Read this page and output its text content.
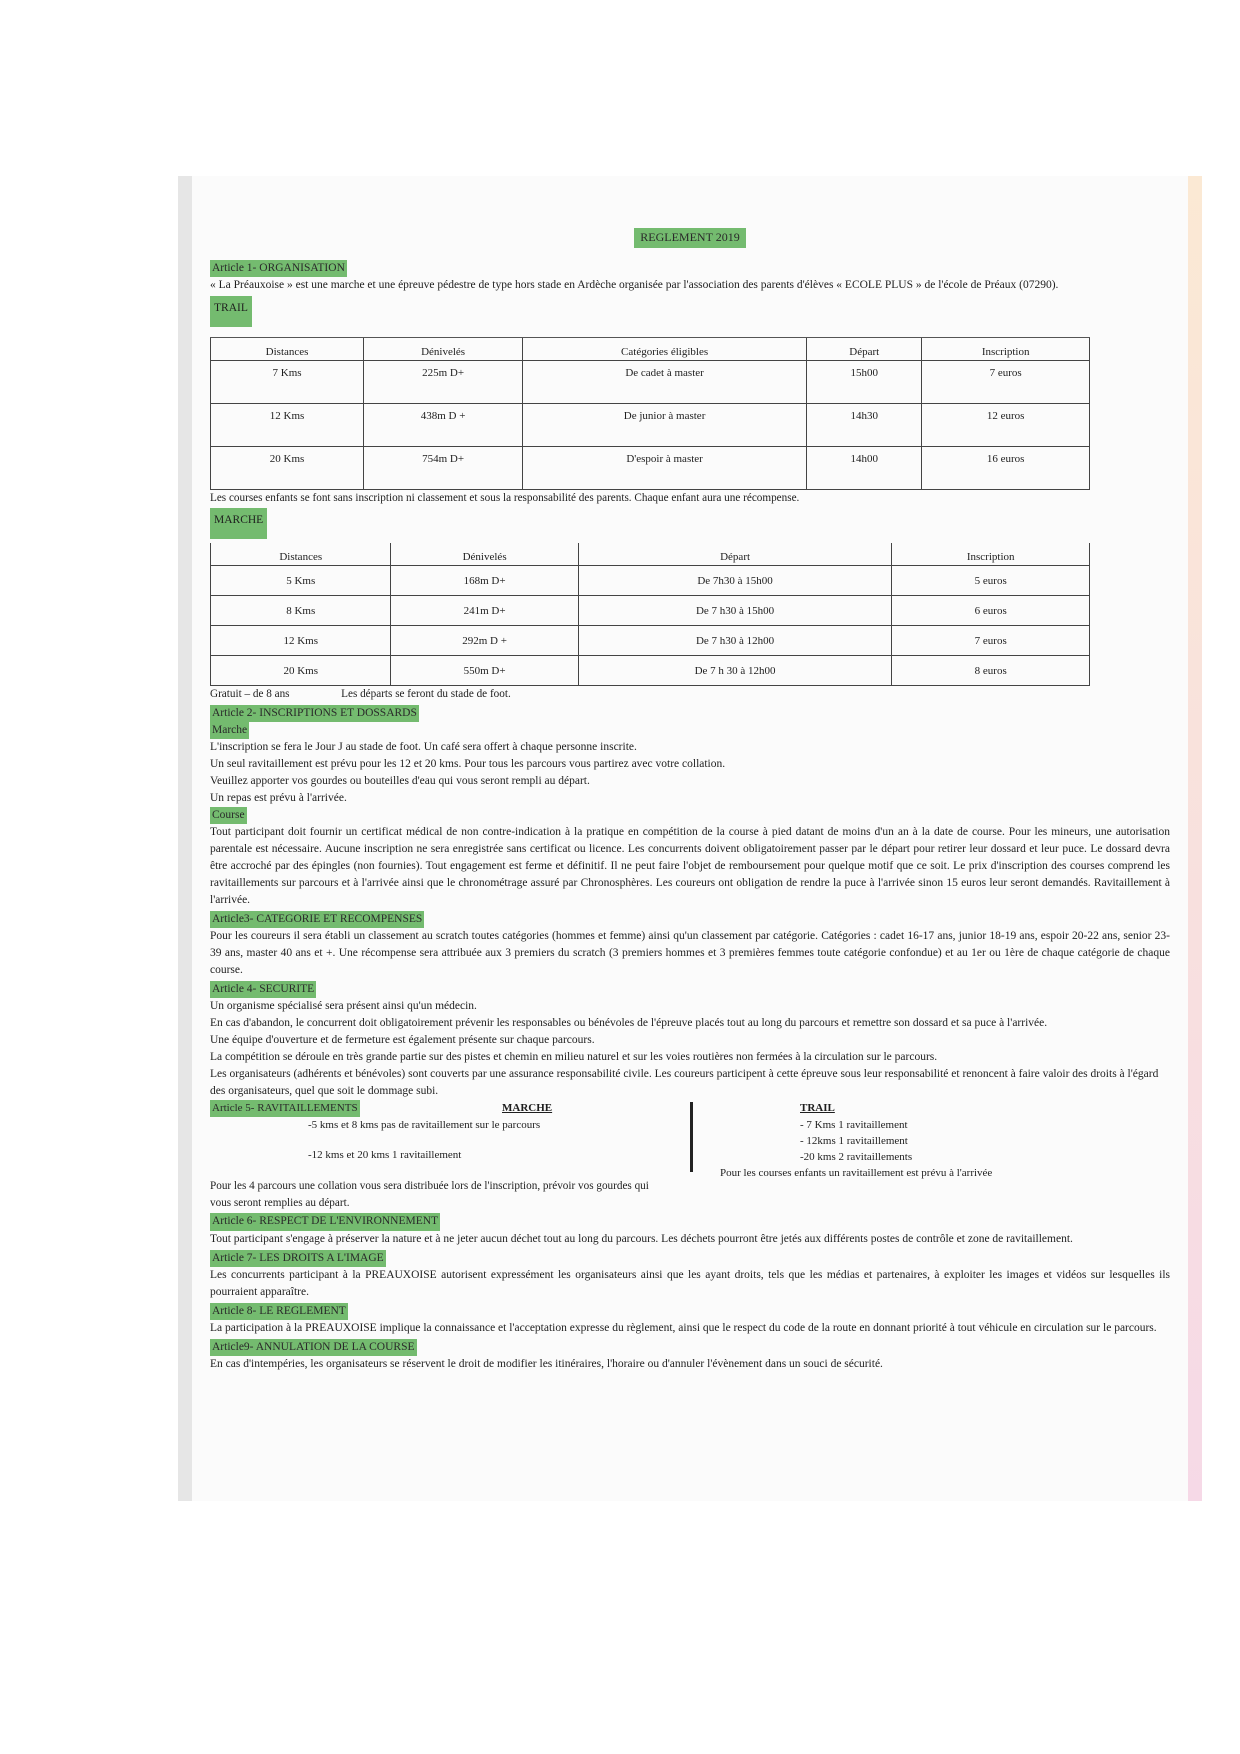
REGLEMENT 2019
Article 1- ORGANISATION

« La Préauxoise » est une marche et une épreuve pédestre de type hors stade en Ardèche organisée par l'association des parents d'élèves « ECOLE PLUS » de l'école de Préaux (07290).

TRAIL
Distances	Dénivelés	Catégories éligibles	Départ	Inscription
7 Kms	225m D+	De cadet à master	15h00	7 euros
12 Kms	438m D +	De junior à master	14h30	12 euros
20 Kms	754m D+	D'espoir à master	14h00	16 euros

Les courses enfants se font sans inscription ni classement et sous la responsabilité des parents. Chaque enfant aura une récompense.

MARCHE
Distances	Dénivelés	Départ	Inscription
5 Kms	168m D+	De 7h30 à 15h00	5 euros
8 Kms	241m D+	De 7 h30 à 15h00	6 euros
12 Kms	292m D +	De 7 h30 à 12h00	7 euros
20 Kms	550m D+	De 7 h 30 à 12h00	8 euros

Gratuit – de 8 ans	Les départs se feront du stade de foot.

Article 2- INSCRIPTIONS ET DOSSARDS
Marche

L'inscription se fera le Jour J au stade de foot. Un café sera offert à chaque personne inscrite.

Un seul ravitaillement est prévu pour les 12 et 20 kms. Pour tous les parcours vous partirez avec votre collation.

Veuillez apporter vos gourdes ou bouteilles d'eau qui vous seront rempli au départ.

Un repas est prévu à l'arrivée.

Course

Tout participant doit fournir un certificat médical de non contre-indication à la pratique en compétition de la course à pied datant de moins d'un an à la date de course. Pour les mineurs, une autorisation parentale est nécessaire. Aucune inscription ne sera enregistrée sans certificat ou licence. Les concurrents doivent obligatoirement passer par le départ pour retirer leur dossard et leur puce. Le dossard devra être accroché par des épingles (non fournies). Tout engagement est ferme et définitif. Il ne peut faire l'objet de remboursement pour quelque motif que ce soit. Le prix d'inscription des courses comprend les ravitaillements sur parcours et à l'arrivée ainsi que le chronométrage assuré par Chronosphères. Les coureurs ont obligation de rendre la puce à l'arrivée sinon 15 euros leur seront demandés. Ravitaillement à l'arrivée.

Article3- CATEGORIE ET RECOMPENSES

Pour les coureurs il sera établi un classement au scratch toutes catégories (hommes et femme) ainsi qu'un classement par catégorie. Catégories : cadet 16-17 ans, junior 18-19 ans, espoir 20-22 ans, senior 23-39 ans, master 40 ans et +. Une récompense sera attribuée aux 3 premiers du scratch (3 premiers hommes et 3 premières femmes toute catégorie confondue) et au 1er ou 1ère de chaque catégorie de chaque course.

Article 4- SECURITE

Un organisme spécialisé sera présent ainsi qu'un médecin.

En cas d'abandon, le concurrent doit obligatoirement prévenir les responsables ou bénévoles de l'épreuve placés tout au long du parcours et remettre son dossard et sa puce à l'arrivée.

Une équipe d'ouverture et de fermeture est également présente sur chaque parcours.

La compétition se déroule en très grande partie sur des pistes et chemin en milieu naturel et sur les voies routières non fermées à la circulation sur le parcours.

Les organisateurs (adhérents et bénévoles) sont couverts par une assurance responsabilité civile. Les coureurs participent à cette épreuve sous leur responsabilité et renoncent à faire valoir des droits à l'égard des organisateurs, quel que soit le dommage subi.

Article 5- RAVITAILLEMENTS	MARCHE

-5 kms et 8 kms pas de ravitaillement sur le parcours

-12 kms et 20 kms 1 ravitaillement

TRAIL

- 7 Kms 1 ravitaillement

- 12kms 1 ravitaillement

-20 kms 2 ravitaillements

Pour les courses enfants un ravitaillement est prévu à l'arrivée

Pour les 4 parcours une collation vous sera distribuée lors de l'inscription, prévoir vos gourdes qui vous seront remplies au départ.

Article 6- RESPECT DE L'ENVIRONNEMENT

Tout participant s'engage à préserver la nature et à ne jeter aucun déchet tout au long du parcours. Les déchets pourront être jetés aux différents postes de contrôle et zone de ravitaillement.

Article 7- LES DROITS A L'IMAGE

Les concurrents participant à la PREAUXOISE autorisent expressément les organisateurs ainsi que les ayant droits, tels que les médias et partenaires, à exploiter les images et vidéos sur lesquelles ils pourraient apparaître.

Article 8- LE REGLEMENT

La participation à la PREAUXOISE implique la connaissance et l'acceptation expresse du règlement, ainsi que le respect du code de la route en donnant priorité à tout véhicule en circulation sur le parcours.

Article9- ANNULATION DE LA COURSE

En cas d'intempéries, les organisateurs se réservent le droit de modifier les itinéraires, l'horaire ou d'annuler l'évènement dans un souci de sécurité.
